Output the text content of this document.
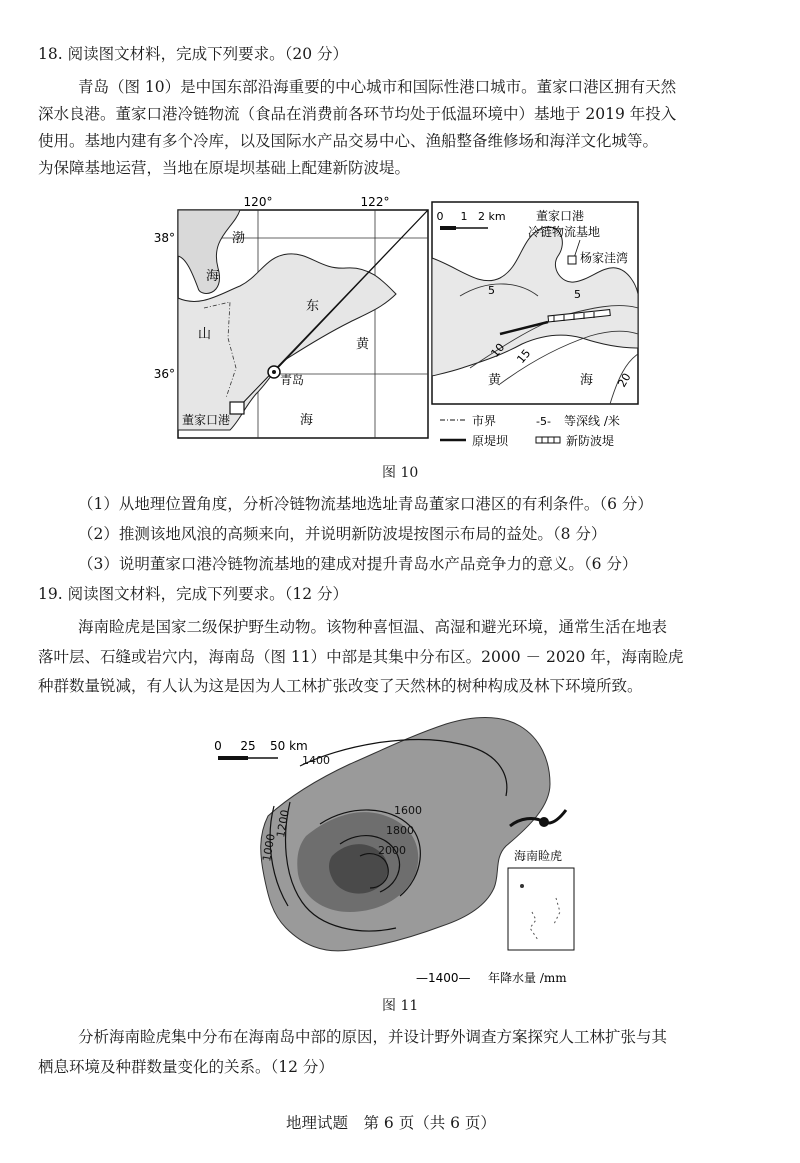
18. 阅读图文材料，完成下列要求。（20 分）
青岛（图 10）是中国东部沿海重要的中心城市和国际性港口城市。董家口港区拥有天然
深水良港。董家口港冷链物流（食品在消费前各环节均处于低温环境中）基地于 2019 年投入
使用。基地内建有多个冷库，以及国际水产品交易中心、渔船整备维修场和海洋文化城等。
为保障基地运营，当地在原堤坝基础上配建新防波堤。
120°	122°
38°
36°
渤
海
山
东
黄
海
青岛
董家口港
0 1 2 km	董家口港
冷链物流基地
杨家洼湾
5	5
10 15
20
黄	海
市界	-5- 等深线 /米
原堤坝	新防波堤
图 10
（1）从地理位置角度，分析冷链物流基地选址青岛董家口港区的有利条件。（6 分）
（2）推测该地风浪的高频来向，并说明新防波堤按图示布局的益处。（8 分）
（3）说明董家口港冷链物流基地的建成对提升青岛水产品竞争力的意义。（6 分）
19. 阅读图文材料，完成下列要求。（12 分）
海南睑虎是国家二级保护野生动物。该物种喜恒温、高湿和避光环境，通常生活在地表
落叶层、石缝或岩穴内，海南岛（图 11）中部是其集中分布区。2000 － 2020 年，海南睑虎
种群数量锐减，有人认为这是因为人工林扩张改变了天然林的树种构成及林下环境所致。
0 25 50 km
1400
1600
1800
2000
1200
1000	海南睑虎
—1400— 年降水量 /mm
图 11
分析海南睑虎集中分布在海南岛中部的原因，并设计野外调查方案探究人工林扩张与其
栖息环境及种群数量变化的关系。（12 分）
地理试题　第 6 页（共 6 页）
